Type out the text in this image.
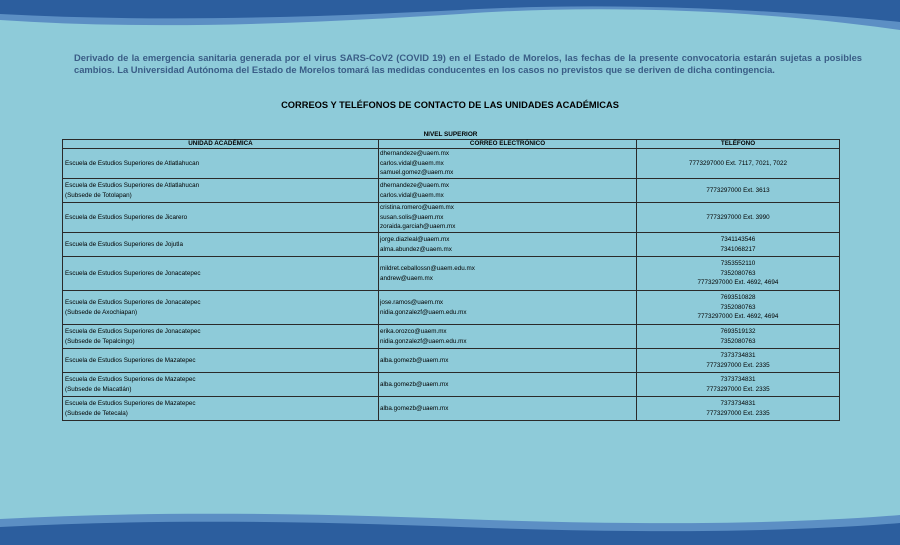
Derivado de la emergencia sanitaria generada por el virus SARS-CoV2 (COVID 19) en el Estado de Morelos, las fechas de la presente convocatoria estarán sujetas a posibles cambios. La Universidad Autónoma del Estado de Morelos tomará las medidas conducentes en los casos no previstos que se deriven de dicha contingencia.
CORREOS Y TELÉFONOS DE CONTACTO DE LAS UNIDADES ACADÉMICAS
NIVEL SUPERIOR
UNIDAD ACADÉMICA	CORREO ELECTRÓNICO	TELÉFONO

Escuela de Estudios Superiores de Atlatlahucan	dhernandeze@uaem.mx
carlos.vidal@uaem.mx
samuel.gomez@uaem.mx	7773297000 Ext. 7117, 7021, 7022

Escuela de Estudios Superiores de Atlatlahucan
(Subsede de Totolapan)	dhernandeze@uaem.mx
carlos.vidal@uaem.mx	7773297000 Ext. 3613

Escuela de Estudios Superiores de Jicarero	cristina.romero@uaem.mx
susan.solis@uaem.mx
zoraida.garciah@uaem.mx	7773297000 Ext. 3990

Escuela de Estudios Superiores de Jojutla	jorge.diazleal@uaem.mx
alma.abundez@uaem.mx	7341143546
7341068217

Escuela de Estudios Superiores de Jonacatepec	mildret.ceballossn@uaem.edu.mx
andrew@uaem.mx	7353552110
7352080763
7773297000 Ext. 4692, 4694

Escuela de Estudios Superiores de Jonacatepec
(Subsede de Axochiapan)	jose.ramos@uaem.mx
nidia.gonzalezf@uaem.edu.mx	7693510828
7352080763
7773297000 Ext. 4692, 4694

Escuela de Estudios Superiores de Jonacatepec
(Subsede de Tepalcingo)	erika.orozco@uaem.mx
nidia.gonzalezf@uaem.edu.mx	7693519132
7352080763

Escuela de Estudios Superiores de Mazatepec	alba.gomezb@uaem.mx	7373734831
7773297000 Ext. 2335

Escuela de Estudios Superiores de Mazatepec
(Subsede de Miacatlán)	alba.gomezb@uaem.mx	7373734831
7773297000 Ext. 2335

Escuela de Estudios Superiores de Mazatepec
(Subsede de Tetecala)	alba.gomezb@uaem.mx	7373734831
7773297000 Ext. 2335
